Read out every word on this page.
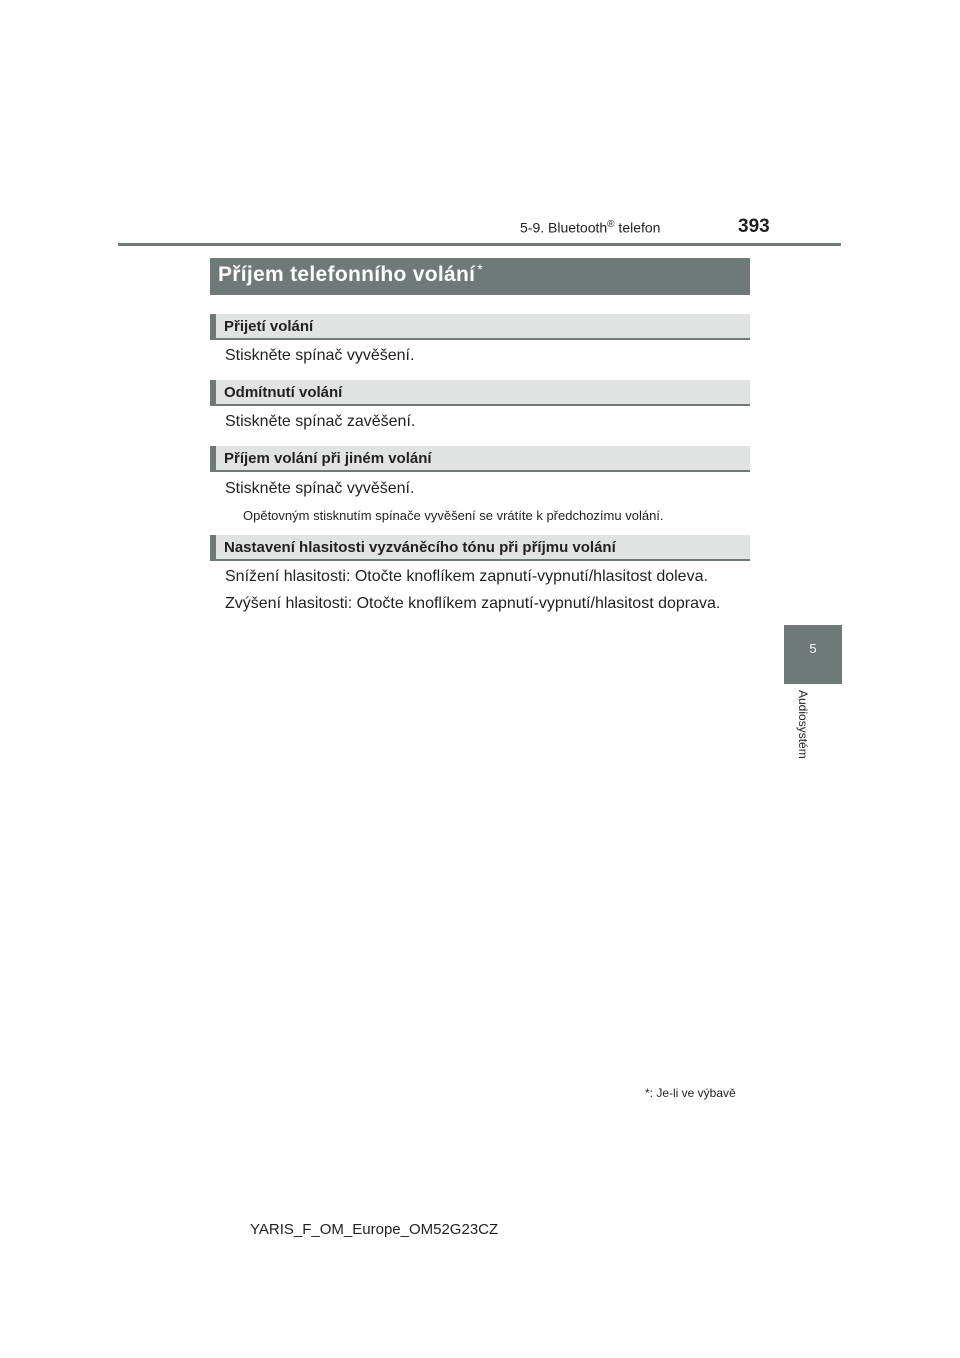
5-9. Bluetooth® telefon	393
Příjem telefonního volání *
Přijetí volání
Stiskněte spínač vyvěšení.
Odmítnutí volání
Stiskněte spínač zavěšení.
Příjem volání při jiném volání
Stiskněte spínač vyvěšení.
Opětovným stisknutím spínače vyvěšení se vrátíte k předchozímu volání.
Nastavení hlasitosti vyzváněcího tónu při příjmu volání
Snížení hlasitosti: Otočte knoflíkem zapnutí-vypnutí/hlasitost doleva.
Zvýšení hlasitosti: Otočte knoflíkem zapnutí-vypnutí/hlasitost doprava.
5
Audiosystém
*: Je-li ve výbavě
YARIS_F_OM_Europe_OM52G23CZ
